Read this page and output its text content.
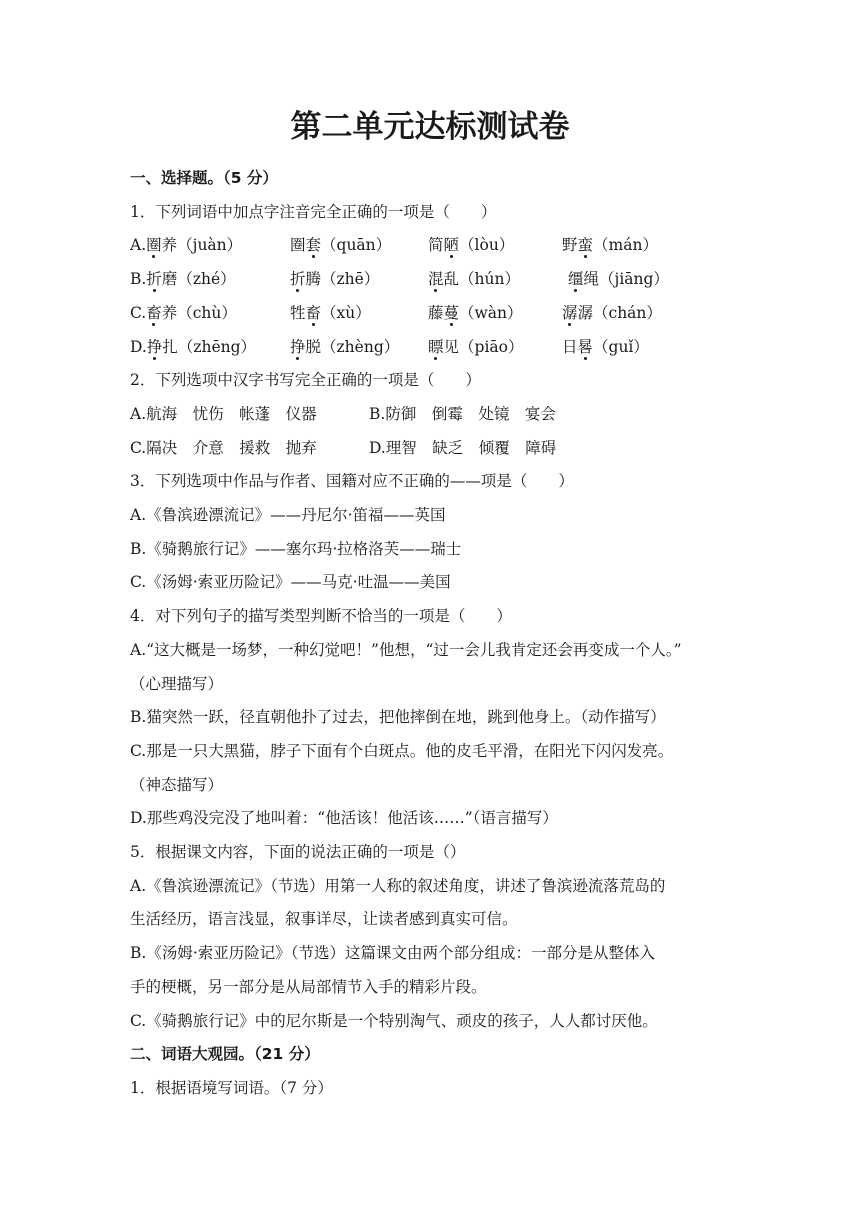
第二单元达标测试卷
一、选择题。（5 分）
1．下列词语中加点字注音完全正确的一项是（　　）
A.圈养（juàn）	圈套（quān） 简陋（lòu）	野蛮（mán）
B.折磨（zhé）	折腾（zhē）	混乱（hún）	缰绳（jiāng）
C.畜养（chù）	牲畜（xù）	藤蔓（wàn）	潺潺（chán）
D.挣扎（zhēng） 挣脱（zhèng） 瞟见（piāo） 日晷（guǐ）
2．下列选项中汉字书写完全正确的一项是（　　）
A.航海　忧伤　帐蓬　仪器	B.防御　倒霉　处镜　宴会
C.隔决　介意　援救　抛弃	D.理智　缺乏　倾覆　障碍
3．下列选项中作品与作者、国籍对应不正确的——项是（　　）
A.《鲁滨逊漂流记》——丹尼尔·笛福——英国
B.《骑鹅旅行记》——塞尔玛·拉格洛芙——瑞士
C.《汤姆·索亚历险记》——马克·吐温——美国
4．对下列句子的描写类型判断不恰当的一项是（　　）
A.“这大概是一场梦，一种幻觉吧！”他想，“过一会儿我肯定还会再变成一个人。”
（心理描写）
B.猫突然一跃，径直朝他扑了过去，把他摔倒在地，跳到他身上。（动作描写）
C.那是一只大黑猫，脖子下面有个白斑点。他的皮毛平滑，在阳光下闪闪发亮。
（神态描写）
D.那些鸡没完没了地叫着：“他活该！他活该……”（语言描写）
5．根据课文内容，下面的说法正确的一项是（）
A.《鲁滨逊漂流记》（节选）用第一人称的叙述角度，讲述了鲁滨逊流落荒岛的
生活经历，语言浅显，叙事详尽，让读者感到真实可信。
B.《汤姆·索亚历险记》（节选）这篇课文由两个部分组成：一部分是从整体入
手的梗概，另一部分是从局部情节入手的精彩片段。
C.《骑鹅旅行记》中的尼尔斯是一个特别淘气、顽皮的孩子，人人都讨厌他。
二、词语大观园。（21 分）
1．根据语境写词语。（7 分）
